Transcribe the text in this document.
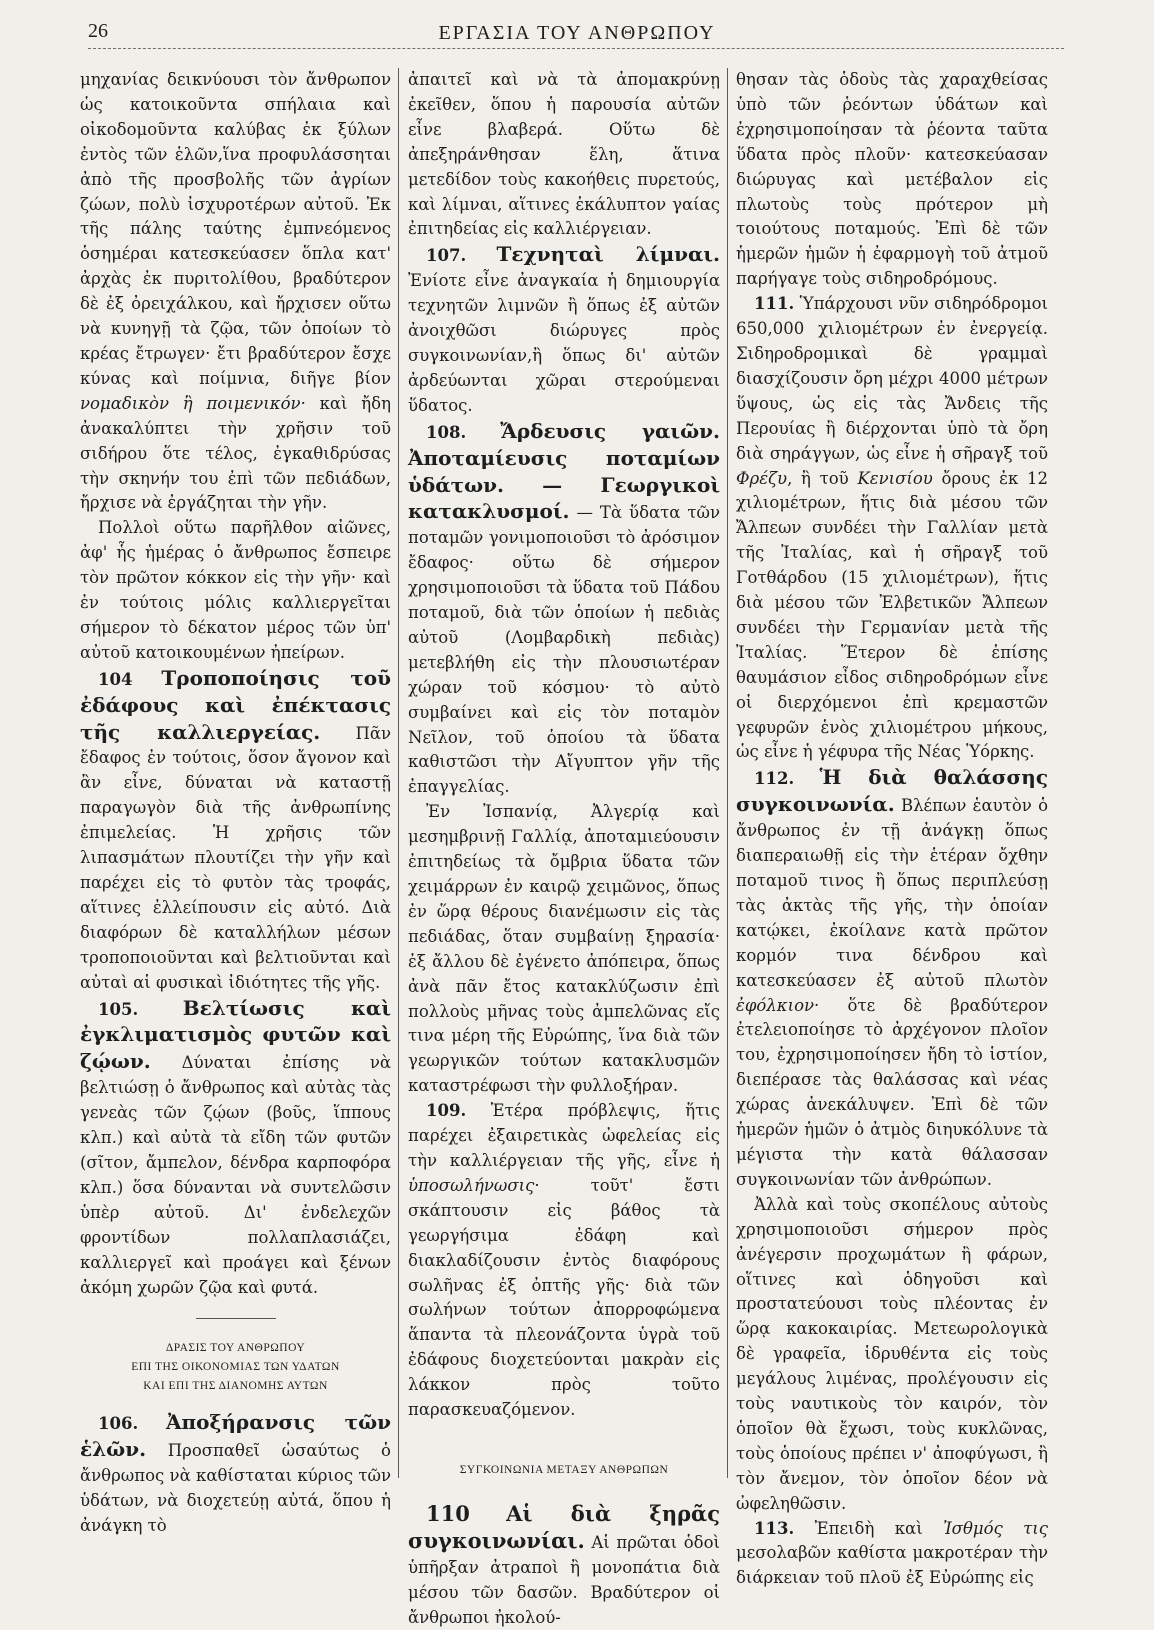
26	ΕΡΓΑΣΙΑ ΤΟΥ ΑΝΘΡΩΠΟΥ

μηχανίας δεικνύουσι τὸν ἄνθρωπον ὡς κατοικοῦντα σπήλαια καὶ οἰκοδομοῦντα καλύβας ἐκ ξύλων ἐντὸς τῶν ἑλῶν,ἵνα προφυλάσσηται ἀπὸ τῆς προσβολῆς τῶν ἀγρίων ζώων, πολὺ ἰσχυροτέρων αὐτοῦ. Ἐκ τῆς πάλης ταύτης ἐμπνεόμενος ὁσημέραι κατεσκεύασεν ὅπλα κατ' ἀρχὰς ἐκ πυριτολίθου, βραδύτερον δὲ ἐξ ὀρειχάλκου, καὶ ἤρχισεν οὕτω νὰ κυνηγῇ τὰ ζῷα, τῶν ὁποίων τὸ κρέας ἔτρωγεν· ἔτι βραδύτερον ἔσχε κύνας καὶ ποίμνια, διῆγε βίον νομαδικὸν ἢ ποιμενικόν· καὶ ἤδη ἀνακαλύπτει τὴν χρῆσιν τοῦ σιδήρου ὅτε τέλος, ἐγκαθιδρύσας τὴν σκηνήν του ἐπὶ τῶν πεδιάδων, ἤρχισε νὰ ἐργάζηται τὴν γῆν.

Πολλοὶ οὕτω παρῆλθον αἰῶνες, ἀφ' ἧς ἡμέρας ὁ ἄνθρωπος ἔσπειρε τὸν πρῶτον κόκκον εἰς τὴν γῆν· καὶ ἐν τούτοις μόλις καλλιεργεῖται σήμερον τὸ δέκατον μέρος τῶν ὑπ' αὐτοῦ κατοικουμένων ἠπείρων.

104 Τροποποίησις τοῦ ἐδάφους καὶ ἐπέκτασις τῆς καλλιεργείας. Πᾶν ἔδαφος ἐν τούτοις, ὅσον ἄγονον καὶ ἂν εἶνε, δύναται νὰ καταστῇ παραγωγὸν διὰ τῆς ἀνθρωπίνης ἐπιμελείας. Ἡ χρῆσις τῶν λιπασμάτων πλουτίζει τὴν γῆν καὶ παρέχει εἰς τὸ φυτὸν τὰς τροφάς, αἵτινες ἐλλείπουσιν εἰς αὐτό. Διὰ διαφόρων δὲ καταλλήλων μέσων τροποποιοῦνται καὶ βελτιοῦνται καὶ αὐταὶ αἱ φυσικαὶ ἰδιότητες τῆς γῆς.

105. Βελτίωσις καὶ ἐγκλιματισμὸς φυτῶν καὶ ζῴων. Δύναται ἐπίσης νὰ βελτιώσῃ ὁ ἄνθρωπος καὶ αὐτὰς τὰς γενεὰς τῶν ζῴων (βοῦς, ἵππους κλπ.) καὶ αὐτὰ τὰ εἴδη τῶν φυτῶν (σῖτον, ἄμπελον, δένδρα καρποφόρα κλπ.) ὅσα δύνανται νὰ συντελῶσιν ὑπὲρ αὐτοῦ. Δι' ἐνδελεχῶν φροντίδων πολλαπλασιάζει, καλλιεργεῖ καὶ προάγει καὶ ξένων ἀκόμη χωρῶν ζῷα καὶ φυτά.

ΔΡΑΣΙΣ ΤΟΥ ΑΝΘΡΩΠΟΥ
ΕΠΙ ΤΗΣ ΟΙΚΟΝΟΜΙΑΣ ΤΩΝ ΥΔΑΤΩΝ
ΚΑΙ ΕΠΙ ΤΗΣ ΔΙΑΝΟΜΗΣ ΑΥΤΩΝ

106. Ἀποξήρανσις τῶν ἑλῶν. Προσπαθεῖ ὡσαύτως ὁ ἄνθρωπος νὰ καθίσταται κύριος τῶν ὑδάτων, νὰ διοχετεύῃ αὐτά, ὅπου ἡ ἀνάγκη τὸ

ἀπαιτεῖ καὶ νὰ τὰ ἀπομακρύνῃ ἐκεῖθεν, ὅπου ἡ παρουσία αὐτῶν εἶνε βλαβερά. Οὕτω δὲ ἀπεξηράνθησαν ἕλη, ἅτινα μετεδίδον τοὺς κακοήθεις πυρετούς, καὶ λίμναι, αἵτινες ἐκάλυπτον γαίας ἐπιτηδείας εἰς καλλιέργειαν.

107. Τεχνηταὶ λίμναι. Ἐνίοτε εἶνε ἀναγκαία ἡ δημιουργία τεχνητῶν λιμνῶν ἢ ὅπως ἐξ αὐτῶν ἀνοιχθῶσι διώρυγες πρὸς συγκοινωνίαν,ἢ ὅπως δι' αὐτῶν ἀρδεύωνται χῶραι στερούμεναι ὕδατος.

108. Ἄρδευσις γαιῶν. Ἀποταμίευσις ποταμίων ὑδάτων. — Γεωργικοὶ κατακλυσμοί. — Τὰ ὕδατα τῶν ποταμῶν γονιμοποιοῦσι τὸ ἀρόσιμον ἔδαφος· οὕτω δὲ σήμερον χρησιμοποιοῦσι τὰ ὕδατα τοῦ Πάδου ποταμοῦ, διὰ τῶν ὁποίων ἡ πεδιὰς αὐτοῦ (Λομβαρδικὴ πεδιὰς) μετεβλήθη εἰς τὴν πλουσιωτέραν χώραν τοῦ κόσμου· τὸ αὐτὸ συμβαίνει καὶ εἰς τὸν ποταμὸν Νεῖλον, τοῦ ὁποίου τὰ ὕδατα καθιστῶσι τὴν Αἴγυπτον γῆν τῆς ἐπαγγελίας.

Ἐν Ἰσπανίᾳ, Ἀλγερίᾳ καὶ μεσημβρινῇ Γαλλίᾳ, ἀποταμιεύουσιν ἐπιτηδείως τὰ ὄμβρια ὕδατα τῶν χειμάρρων ἐν καιρῷ χειμῶνος, ὅπως ἐν ὥρᾳ θέρους διανέμωσιν εἰς τὰς πεδιάδας, ὅταν συμβαίνῃ ξηρασία· ἐξ ἄλλου δὲ ἐγένετο ἀπόπειρα, ὅπως ἀνὰ πᾶν ἔτος κατακλύζωσιν ἐπὶ πολλοὺς μῆνας τοὺς ἀμπελῶνας εἴς τινα μέρη τῆς Εὐρώπης, ἵνα διὰ τῶν γεωργικῶν τούτων κατακλυσμῶν καταστρέφωσι τὴν φυλλοξήραν.

109. Ἑτέρα πρόβλεψις, ἥτις παρέχει ἐξαιρετικὰς ὠφελείας εἰς τὴν καλλιέργειαν τῆς γῆς, εἶνε ἡ ὑποσωλήνωσις·	τοῦτ' ἔστι σκάπτουσιν εἰς βάθος τὰ γεωργήσιμα ἐδάφη καὶ διακλαδίζουσιν ἐντὸς διαφόρους σωλῆνας ἐξ ὀπτῆς γῆς· διὰ τῶν σωλήνων τούτων ἀπορροφώμενα ἅπαντα τὰ πλεονάζοντα ὑγρὰ τοῦ ἐδάφους διοχετεύονται μακρὰν εἰς λάκκον πρὸς τοῦτο παρασκευαζόμενον.

ΣΥΓΚΟΙΝΩΝΙΑ ΜΕΤΑΞΥ ΑΝΘΡΩΠΩΝ

110 Αἱ διὰ ξηρᾶς συγκοινωνίαι. Αἱ πρῶται ὁδοὶ ὑπῆρξαν ἀτραποὶ ἢ μονοπάτια διὰ μέσου τῶν δασῶν. Βραδύτερον οἱ ἄνθρωποι ἠκολού-

θησαν τὰς ὁδοὺς τὰς χαραχθείσας ὑπὸ τῶν ῥεόντων ὑδάτων καὶ ἐχρησιμοποίησαν τὰ ῥέοντα ταῦτα ὕδατα πρὸς πλοῦν· κατεσκεύασαν διώρυγας καὶ μετέβαλον εἰς πλωτοὺς τοὺς πρότερον μὴ τοιούτους ποταμούς. Ἐπὶ δὲ τῶν ἡμερῶν ἡμῶν ἡ ἐφαρμογὴ τοῦ ἀτμοῦ παρήγαγε τοὺς σιδηροδρόμους.

111. Ὑπάρχουσι νῦν σιδηρόδρομοι 650,000 χιλιομέτρων ἐν ἐνεργείᾳ. Σιδηροδρομικαὶ δὲ γραμμαὶ διασχίζουσιν ὄρη μέχρι 4000 μέτρων ὕψους, ὡς εἰς τὰς Ἄνδεις τῆς Περουίας ἢ διέρχονται ὑπὸ τὰ ὄρη διὰ σηράγγων, ὡς εἶνε ἡ σῆραγξ τοῦ Φρέζυ, ἢ τοῦ Κενισίου ὄρους ἐκ 12 χιλιομέτρων, ἥτις διὰ μέσου τῶν Ἄλπεων συνδέει τὴν Γαλλίαν μετὰ τῆς Ἰταλίας, καὶ ἡ σῆραγξ τοῦ Γοτθάρδου (15 χιλιομέτρων), ἥτις διὰ μέσου τῶν Ἐλβετικῶν Ἄλπεων συνδέει τὴν Γερμανίαν μετὰ τῆς Ἰταλίας. Ἕτερον δὲ ἐπίσης θαυμάσιον εἶδος σιδηροδρόμων εἶνε οἱ διερχόμενοι ἐπὶ κρεμαστῶν γεφυρῶν ἑνὸς χιλιομέτρου μήκους, ὡς εἶνε ἡ γέφυρα τῆς Νέας Ὑόρκης.

112. Ἡ διὰ θαλάσσης συγκοινωνία. Βλέπων ἑαυτὸν ὁ ἄνθρωπος ἐν τῇ ἀνάγκῃ ὅπως διαπεραιωθῇ εἰς τὴν ἑτέραν ὄχθην ποταμοῦ τινος ἢ ὅπως περιπλεύσῃ τὰς ἀκτὰς τῆς γῆς, τὴν ὁποίαν κατῴκει, ἐκοίλανε κατὰ πρῶτον κορμόν τινα δένδρου καὶ κατεσκεύασεν ἐξ αὐτοῦ πλωτὸν ἐφόλκιον· ὅτε δὲ βραδύτερον ἐτελειοποίησε τὸ ἀρχέγονον πλοῖον του, ἐχρησιμοποίησεν ἤδη τὸ ἱστίον, διεπέρασε τὰς θαλάσσας καὶ νέας χώρας ἀνεκάλυψεν. Ἐπὶ δὲ τῶν ἡμερῶν ἡμῶν ὁ ἀτμὸς διηυκόλυνε τὰ μέγιστα τὴν κατὰ θάλασσαν συγκοινωνίαν τῶν ἀνθρώπων.

Ἀλλὰ καὶ τοὺς σκοπέλους αὐτοὺς χρησιμοποιοῦσι σήμερον πρὸς ἀνέγερσιν προχωμάτων ἢ φάρων, οἵτινες καὶ ὁδηγοῦσι καὶ προστατεύουσι τοὺς πλέοντας ἐν ὥρᾳ κακοκαιρίας. Μετεωρολογικὰ δὲ γραφεῖα, ἱδρυθέντα εἰς τοὺς μεγάλους λιμένας, προλέγουσιν εἰς τοὺς ναυτικοὺς τὸν καιρόν, τὸν ὁποῖον θὰ ἔχωσι, τοὺς κυκλῶνας, τοὺς ὁποίους πρέπει ν' ἀποφύγωσι, ἢ τὸν ἄνεμον, τὸν ὁποῖον δέον νὰ ὠφεληθῶσιν.

113. Ἐπειδὴ καὶ Ἰσθμός τις μεσολαβῶν καθίστα μακροτέραν τὴν διάρκειαν τοῦ πλοῦ ἐξ Εὐρώπης εἰς
